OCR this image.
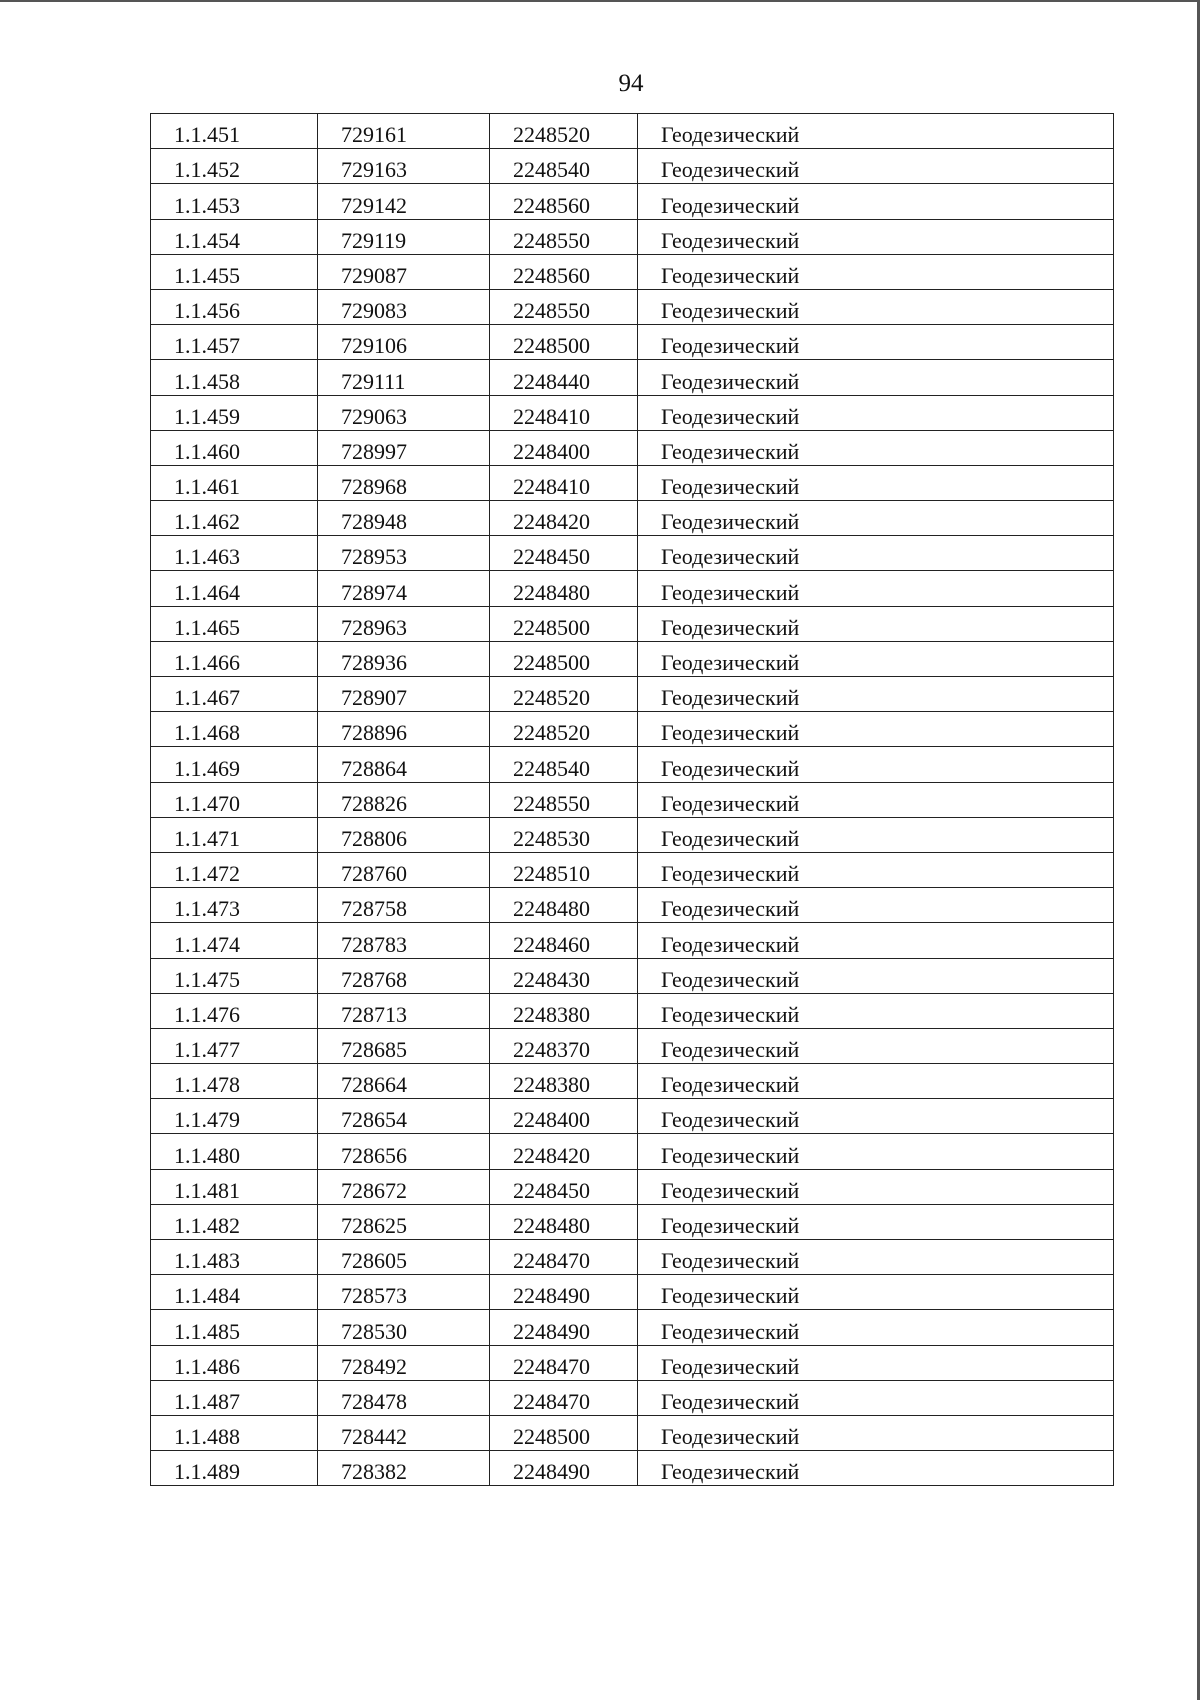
94
1.1.451	729161	2248520	Геодезический
1.1.452	729163	2248540	Геодезический
1.1.453	729142	2248560	Геодезический
1.1.454	729119	2248550	Геодезический
1.1.455	729087	2248560	Геодезический
1.1.456	729083	2248550	Геодезический
1.1.457	729106	2248500	Геодезический
1.1.458	729111	2248440	Геодезический
1.1.459	729063	2248410	Геодезический
1.1.460	728997	2248400	Геодезический
1.1.461	728968	2248410	Геодезический
1.1.462	728948	2248420	Геодезический
1.1.463	728953	2248450	Геодезический
1.1.464	728974	2248480	Геодезический
1.1.465	728963	2248500	Геодезический
1.1.466	728936	2248500	Геодезический
1.1.467	728907	2248520	Геодезический
1.1.468	728896	2248520	Геодезический
1.1.469	728864	2248540	Геодезический
1.1.470	728826	2248550	Геодезический
1.1.471	728806	2248530	Геодезический
1.1.472	728760	2248510	Геодезический
1.1.473	728758	2248480	Геодезический
1.1.474	728783	2248460	Геодезический
1.1.475	728768	2248430	Геодезический
1.1.476	728713	2248380	Геодезический
1.1.477	728685	2248370	Геодезический
1.1.478	728664	2248380	Геодезический
1.1.479	728654	2248400	Геодезический
1.1.480	728656	2248420	Геодезический
1.1.481	728672	2248450	Геодезический
1.1.482	728625	2248480	Геодезический
1.1.483	728605	2248470	Геодезический
1.1.484	728573	2248490	Геодезический
1.1.485	728530	2248490	Геодезический
1.1.486	728492	2248470	Геодезический
1.1.487	728478	2248470	Геодезический
1.1.488	728442	2248500	Геодезический
1.1.489	728382	2248490	Геодезический
